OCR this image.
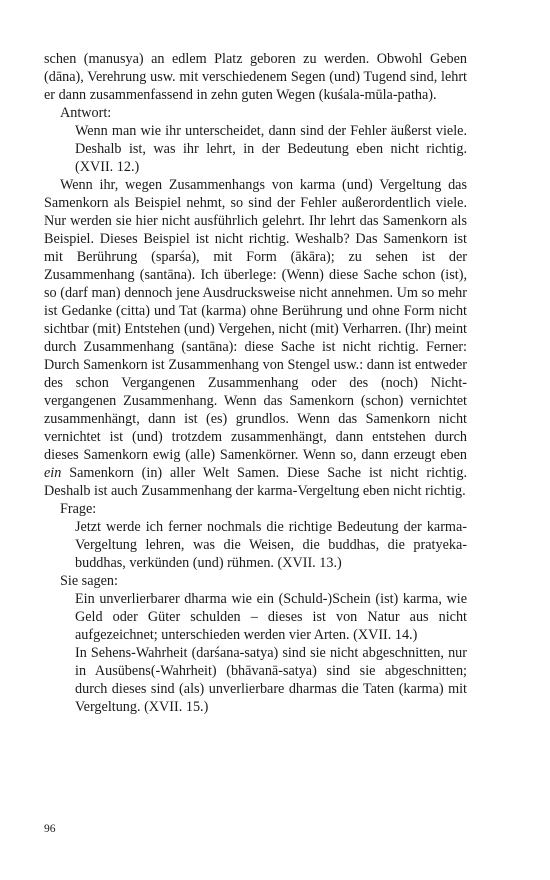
schen (manusya) an edlem Platz geboren zu werden. Obwohl Geben (dāna), Verehrung usw. mit verschiedenem Segen (und) Tugend sind, lehrt er dann zusammenfassend in zehn guten Wegen (kuśala-mūla-patha).

Antwort:

Wenn man wie ihr unterscheidet, dann sind der Fehler äußerst viele. Deshalb ist, was ihr lehrt, in der Bedeutung eben nicht richtig. (XVII. 12.)

Wenn ihr, wegen Zusammenhangs von karma (und) Vergeltung das Samenkorn als Beispiel nehmt, so sind der Fehler außerordentlich viele. Nur werden sie hier nicht ausführlich gelehrt. Ihr lehrt das Samenkorn als Beispiel. Dieses Beispiel ist nicht richtig. Weshalb? Das Samenkorn ist mit Berührung (sparśa), mit Form (ākāra); zu sehen ist der Zusammenhang (santāna). Ich überlege: (Wenn) diese Sache schon (ist), so (darf man) dennoch jene Ausdrucksweise nicht annehmen. Um so mehr ist Gedanke (citta) und Tat (karma) ohne Berührung und ohne Form nicht sichtbar (mit) Entstehen (und) Vergehen, nicht (mit) Verharren. (Ihr) meint durch Zusammenhang (santāna): diese Sache ist nicht richtig. Ferner: Durch Samenkorn ist Zusammenhang von Stengel usw.: dann ist entweder des schon Vergangenen Zusammenhang oder des (noch) Nicht-vergangenen Zusammenhang. Wenn das Samenkorn (schon) vernichtet zusammenhängt, dann ist (es) grundlos. Wenn das Samenkorn nicht vernichtet ist (und) trotzdem zusammenhängt, dann entstehen durch dieses Samenkorn ewig (alle) Samenkörner. Wenn so, dann erzeugt eben ein Samenkorn (in) aller Welt Samen. Diese Sache ist nicht richtig. Deshalb ist auch Zusammenhang der karma-Vergeltung eben nicht richtig.

Frage:

Jetzt werde ich ferner nochmals die richtige Bedeutung der karma-Vergeltung lehren, was die Weisen, die buddhas, die pratyeka-buddhas, verkünden (und) rühmen. (XVII. 13.)

Sie sagen:

Ein unverlierbarer dharma wie ein (Schuld-)Schein (ist) karma, wie Geld oder Güter schulden – dieses ist von Natur aus nicht aufgezeichnet; unterschieden werden vier Arten. (XVII. 14.)

In Sehens-Wahrheit (darśana-satya) sind sie nicht abgeschnitten, nur in Ausübens(-Wahrheit) (bhāvanā-satya) sind sie abgeschnitten; durch dieses sind (als) unverlierbare dharmas die Taten (karma) mit Vergeltung. (XVII. 15.)

96
